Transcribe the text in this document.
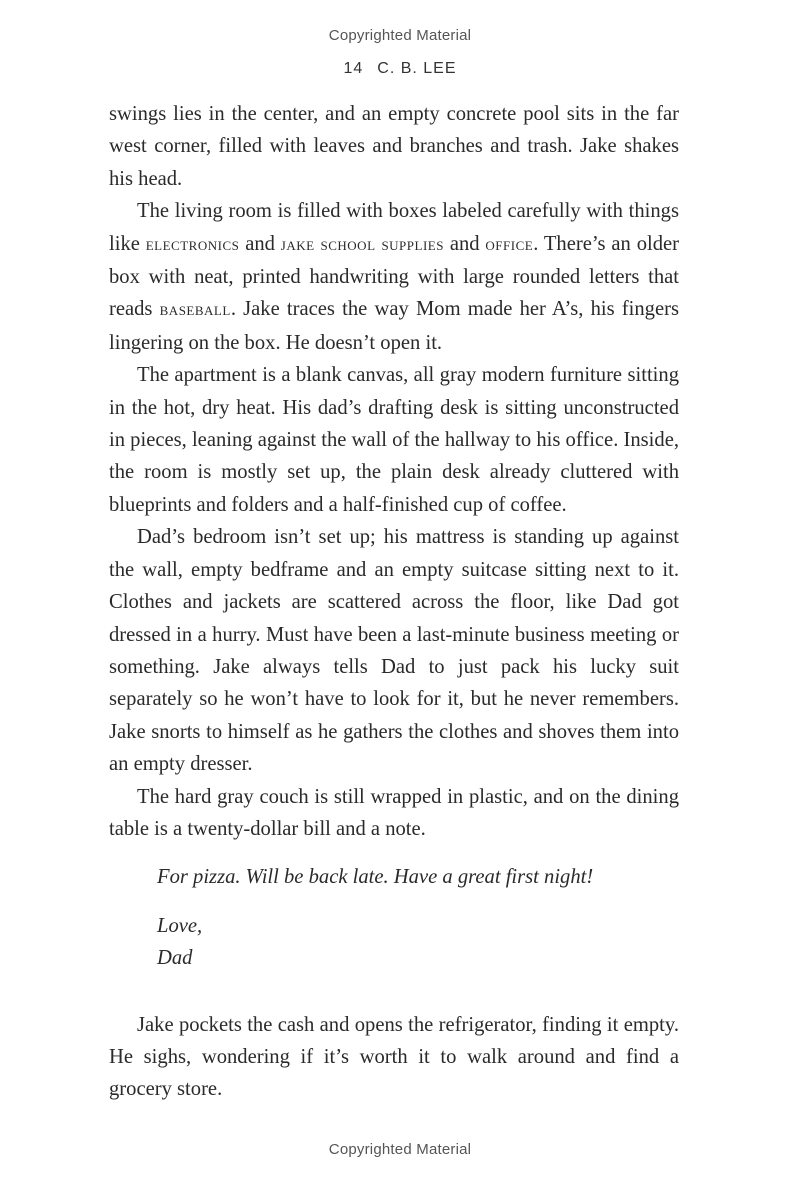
Copyrighted Material
14 C. B. LEE

swings lies in the center, and an empty concrete pool sits in the far west corner, filled with leaves and branches and trash. Jake shakes his head.

The living room is filled with boxes labeled carefully with things like electronics and jake school supplies and office. There’s an older box with neat, printed handwriting with large rounded letters that reads baseball. Jake traces the way Mom made her A’s, his fingers lingering on the box. He doesn’t open it.

The apartment is a blank canvas, all gray modern furniture sitting in the hot, dry heat. His dad’s drafting desk is sitting unconstructed in pieces, leaning against the wall of the hallway to his office. Inside, the room is mostly set up, the plain desk already cluttered with blueprints and folders and a half-finished cup of coffee.

Dad’s bedroom isn’t set up; his mattress is standing up against the wall, empty bedframe and an empty suitcase sitting next to it. Clothes and jackets are scattered across the floor, like Dad got dressed in a hurry. Must have been a last-minute business meeting or something. Jake always tells Dad to just pack his lucky suit separately so he won’t have to look for it, but he never remembers. Jake snorts to himself as he gathers the clothes and shoves them into an empty dresser.

The hard gray couch is still wrapped in plastic, and on the dining table is a twenty-dollar bill and a note.

For pizza. Will be back late. Have a great first night!
Love,
Dad

Jake pockets the cash and opens the refrigerator, finding it empty. He sighs, wondering if it’s worth it to walk around and find a grocery store.

Copyrighted Material
